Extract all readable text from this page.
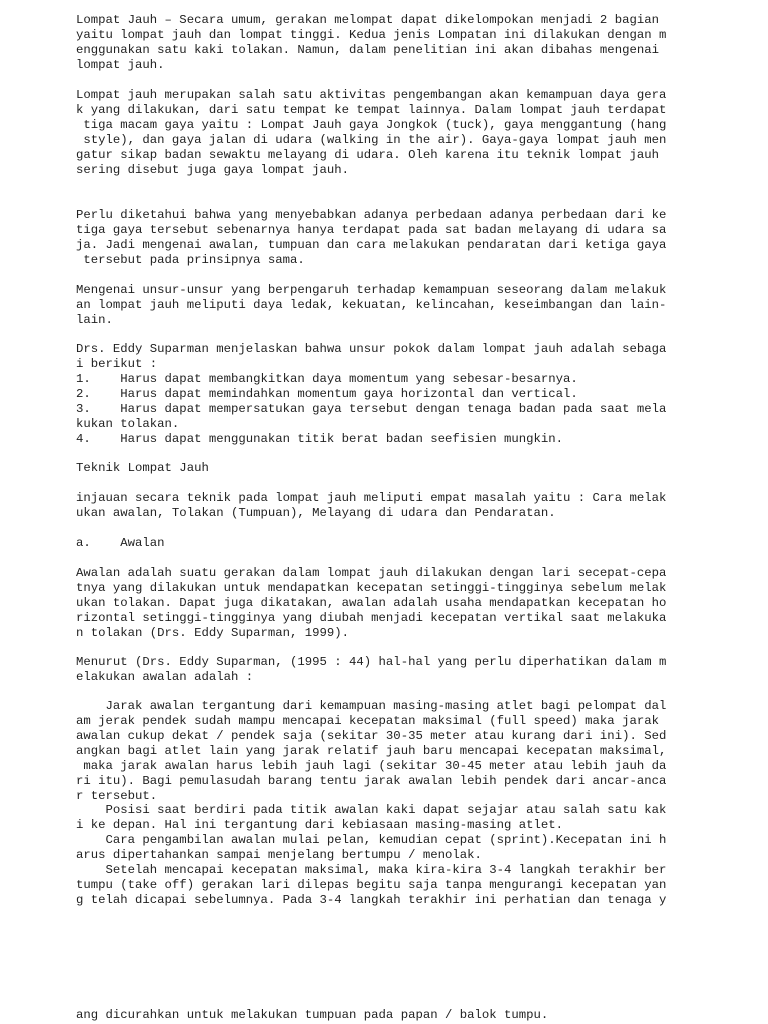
Lompat Jauh – Secara umum, gerakan melompat dapat dikelompokan menjadi 2 bagian

yaitu lompat jauh dan lompat tinggi. Kedua jenis Lompatan ini dilakukan dengan m

enggunakan satu kaki tolakan. Namun, dalam penelitian ini akan dibahas mengenai

lompat jauh.

Lompat jauh merupakan salah satu aktivitas pengembangan akan kemampuan daya gera

k yang dilakukan, dari satu tempat ke tempat lainnya. Dalam lompat jauh terdapat

tiga macam gaya yaitu : Lompat Jauh gaya Jongkok (tuck), gaya menggantung (hang

style), dan gaya jalan di udara (walking in the air). Gaya-gaya lompat jauh men

gatur sikap badan sewaktu melayang di udara. Oleh karena itu teknik lompat jauh

sering disebut juga gaya lompat jauh.

Perlu diketahui bahwa yang menyebabkan adanya perbedaan adanya perbedaan dari ke

tiga gaya tersebut sebenarnya hanya terdapat pada sat badan melayang di udara sa

ja. Jadi mengenai awalan, tumpuan dan cara melakukan pendaratan dari ketiga gaya

tersebut pada prinsipnya sama.

Mengenai unsur-unsur yang berpengaruh terhadap kemampuan seseorang dalam melakuk

an lompat jauh meliputi daya ledak, kekuatan, kelincahan, keseimbangan dan lain-

lain.

Drs. Eddy Suparman menjelaskan bahwa unsur pokok dalam lompat jauh adalah sebaga

i berikut :

1.    Harus dapat membangkitkan daya momentum yang sebesar-besarnya.

2.    Harus dapat memindahkan momentum gaya horizontal dan vertical.

3.    Harus dapat mempersatukan gaya tersebut dengan tenaga badan pada saat mela

kukan tolakan.

4.    Harus dapat menggunakan titik berat badan seefisien mungkin.

Teknik Lompat Jauh

injauan secara teknik pada lompat jauh meliputi empat masalah yaitu : Cara melak

ukan awalan, Tolakan (Tumpuan), Melayang di udara dan Pendaratan.

a.    Awalan

Awalan adalah suatu gerakan dalam lompat jauh dilakukan dengan lari secepat-cepa

tnya yang dilakukan untuk mendapatkan kecepatan setinggi-tingginya sebelum melak

ukan tolakan. Dapat juga dikatakan, awalan adalah usaha mendapatkan kecepatan ho

rizontal setinggi-tingginya yang diubah menjadi kecepatan vertikal saat melakuka

n tolakan (Drs. Eddy Suparman, 1999).

Menurut (Drs. Eddy Suparman, (1995 : 44) hal-hal yang perlu diperhatikan dalam m

elakukan awalan adalah :

Jarak awalan tergantung dari kemampuan masing-masing atlet bagi pelompat dal

am jerak pendek sudah mampu mencapai kecepatan maksimal (full speed) maka jarak

awalan cukup dekat / pendek saja (sekitar 30-35 meter atau kurang dari ini). Sed

angkan bagi atlet lain yang jarak relatif jauh baru mencapai kecepatan maksimal,

maka jarak awalan harus lebih jauh lagi (sekitar 30-45 meter atau lebih jauh da

ri itu). Bagi pemulasudah barang tentu jarak awalan lebih pendek dari ancar-anca

r tersebut.

Posisi saat berdiri pada titik awalan kaki dapat sejajar atau salah satu kak

i ke depan. Hal ini tergantung dari kebiasaan masing-masing atlet.

Cara pengambilan awalan mulai pelan, kemudian cepat (sprint).Kecepatan ini h

arus dipertahankan sampai menjelang bertumpu / menolak.

Setelah mencapai kecepatan maksimal, maka kira-kira 3-4 langkah terakhir ber

tumpu (take off) gerakan lari dilepas begitu saja tanpa mengurangi kecepatan yan

g telah dicapai sebelumnya. Pada 3-4 langkah terakhir ini perhatian dan tenaga y

ang dicurahkan untuk melakukan tumpuan pada papan / balok tumpu.
